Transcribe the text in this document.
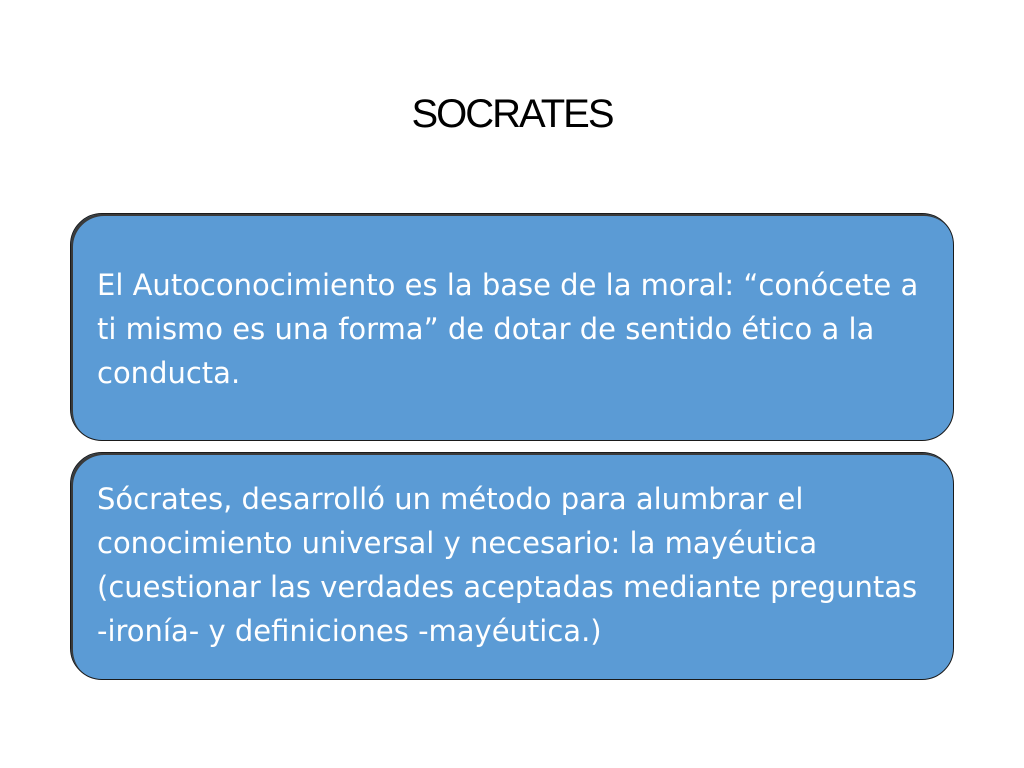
SOCRATES
El Autoconocimiento es la base de la moral: “conócete a ti mismo es una forma” de dotar de sentido ético a la conducta.
Sócrates, desarrolló un método para alumbrar el conocimiento universal y necesario: la mayéutica (cuestionar las verdades aceptadas mediante preguntas -ironía- y definiciones -mayéutica.)
